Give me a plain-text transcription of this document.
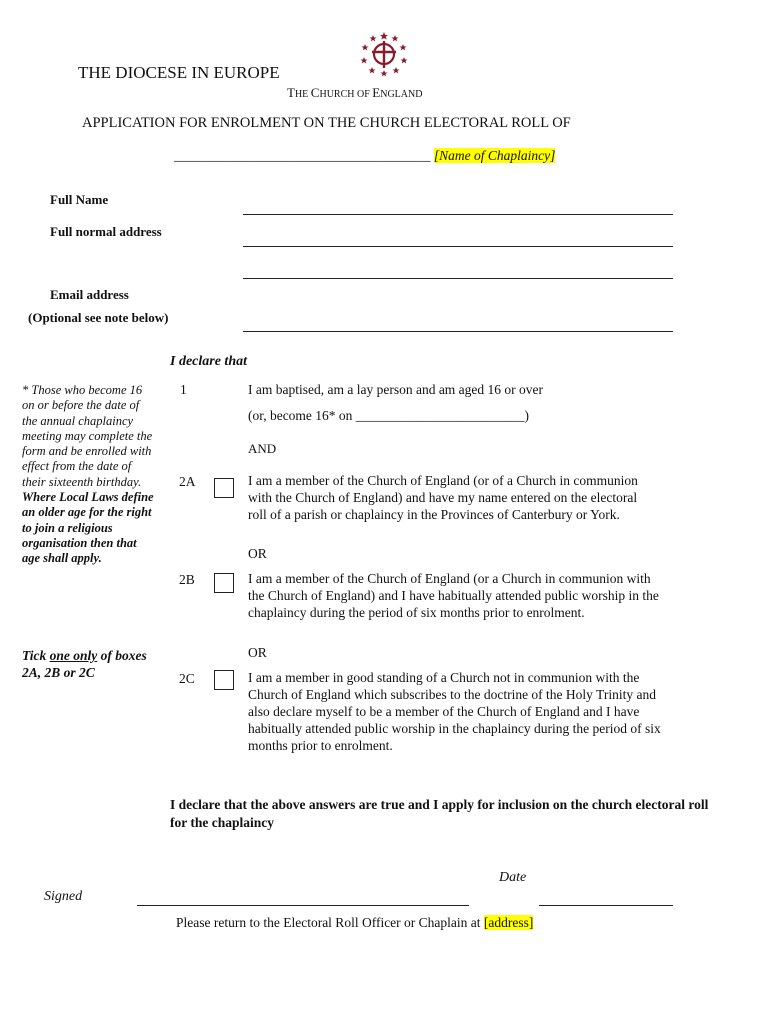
THE DIOCESE IN EUROPE
THE CHURCH OF ENGLAND
APPLICATION FOR ENROLMENT ON THE CHURCH ELECTORAL ROLL OF
______________________________________ [Name of Chaplaincy]
Full Name
Full normal address
Email address
(Optional see note below)
I declare that
* Those who become 16 on or before the date of the annual chaplaincy meeting may complete the form and be enrolled with effect from the date of their sixteenth birthday. Where Local Laws define an older age for the right to join a religious organisation then that age shall apply.
Tick one only of boxes 2A, 2B or 2C
1	I am baptised, am a lay person and am aged 16 or over
(or, become 16* on _________________________)
AND
2A	I am a member of the Church of England (or of a Church in communion with the Church of England) and have my name entered on the electoral roll of a parish or chaplaincy in the Provinces of Canterbury or York.
OR
2B	I am a member of the Church of England (or a Church in communion with the Church of England) and I have habitually attended public worship in the chaplaincy during the period of six months prior to enrolment.
OR
2C	I am a member in good standing of a Church not in communion with the Church of England which subscribes to the doctrine of the Holy Trinity and also declare myself to be a member of the Church of England and I have habitually attended public worship in the chaplaincy during the period of six months prior to enrolment.
I declare that the above answers are true and I apply for inclusion on the church electoral roll for the chaplaincy
Date
Signed
Please return to the Electoral Roll Officer or Chaplain at [address]
